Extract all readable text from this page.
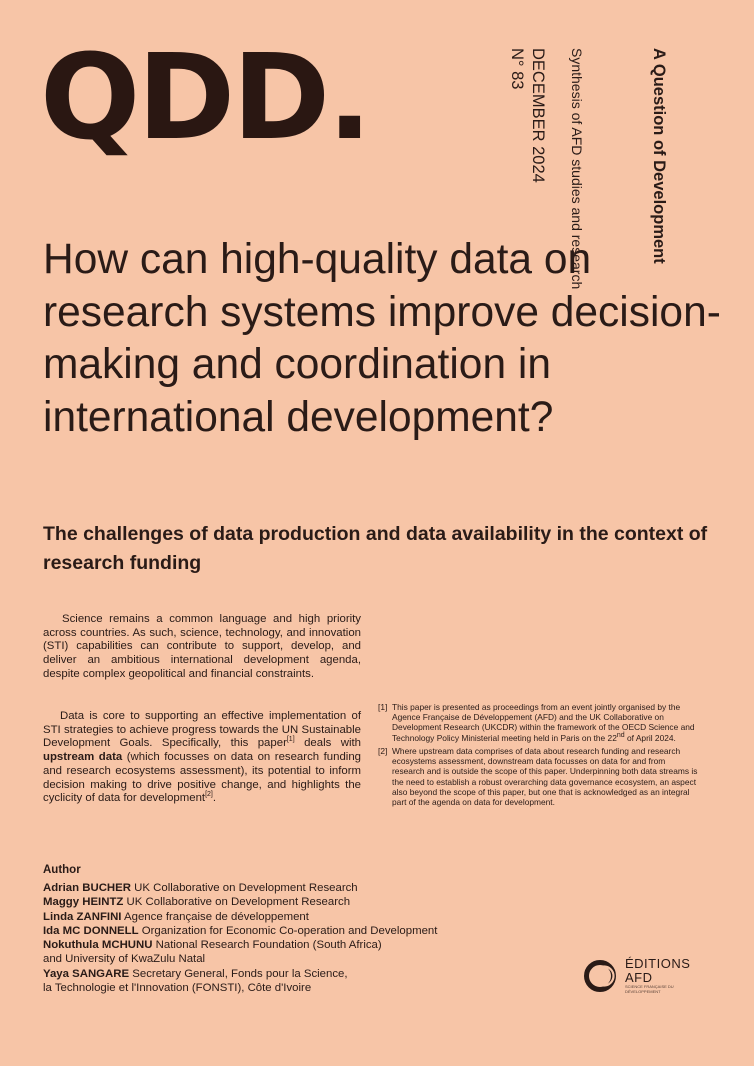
QDD.	A Question of Development
Synthesis of AFD studies and research
DECEMBER 2024
N° 83
How can high-quality data on research systems improve decision-making and coordination in international development?
The challenges of data production and data availability in the context of research funding

Science remains a common language and high priority across countries. As such, science, technology, and innovation (STI) capabilities can contribute to support, develop, and deliver an ambitious international development agenda, despite complex geopolitical and financial constraints.

Data is core to supporting an effective implementation of STI strategies to achieve progress towards the UN Sustainable Development Goals. Specifically, this paper[1] deals with upstream data (which focusses on data on research funding and research ecosystems assessment), its potential to inform decision making to drive positive change, and highlights the cyclicity of data for development[2].

[1] This paper is presented as proceedings from an event jointly organised by the Agence Française de Développement (AFD) and the UK Collaborative on Development Research (UKCDR) within the framework of the OECD Science and Technology Policy Ministerial meeting held in Paris on the 22nd of April 2024.
[2] Where upstream data comprises of data about research funding and research ecosystems assessment, downstream data focusses on data for and from research and is outside the scope of this paper. Underpinning both data streams is the need to establish a robust overarching data governance ecosystem, an aspect also beyond the scope of this paper, but one that is acknowledged as an integral part of the agenda on data for development.
Author
Adrian BUCHER UK Collaborative on Development Research
Maggy HEINTZ UK Collaborative on Development Research
Linda ZANFINI Agence française de développement
Ida MC DONNELL Organization for Economic Co-operation and Development
Nokuthula MCHUNU National Research Foundation (South Africa)
and University of KwaZulu Natal
Yaya SANGARE Secretary General, Fonds pour la Science,
la Technologie et l'Innovation (FONSTI), Côte d'Ivoire
ÉDITIONS
AFD
SCIENCE FRANÇAISE DU DÉVELOPPEMENT
